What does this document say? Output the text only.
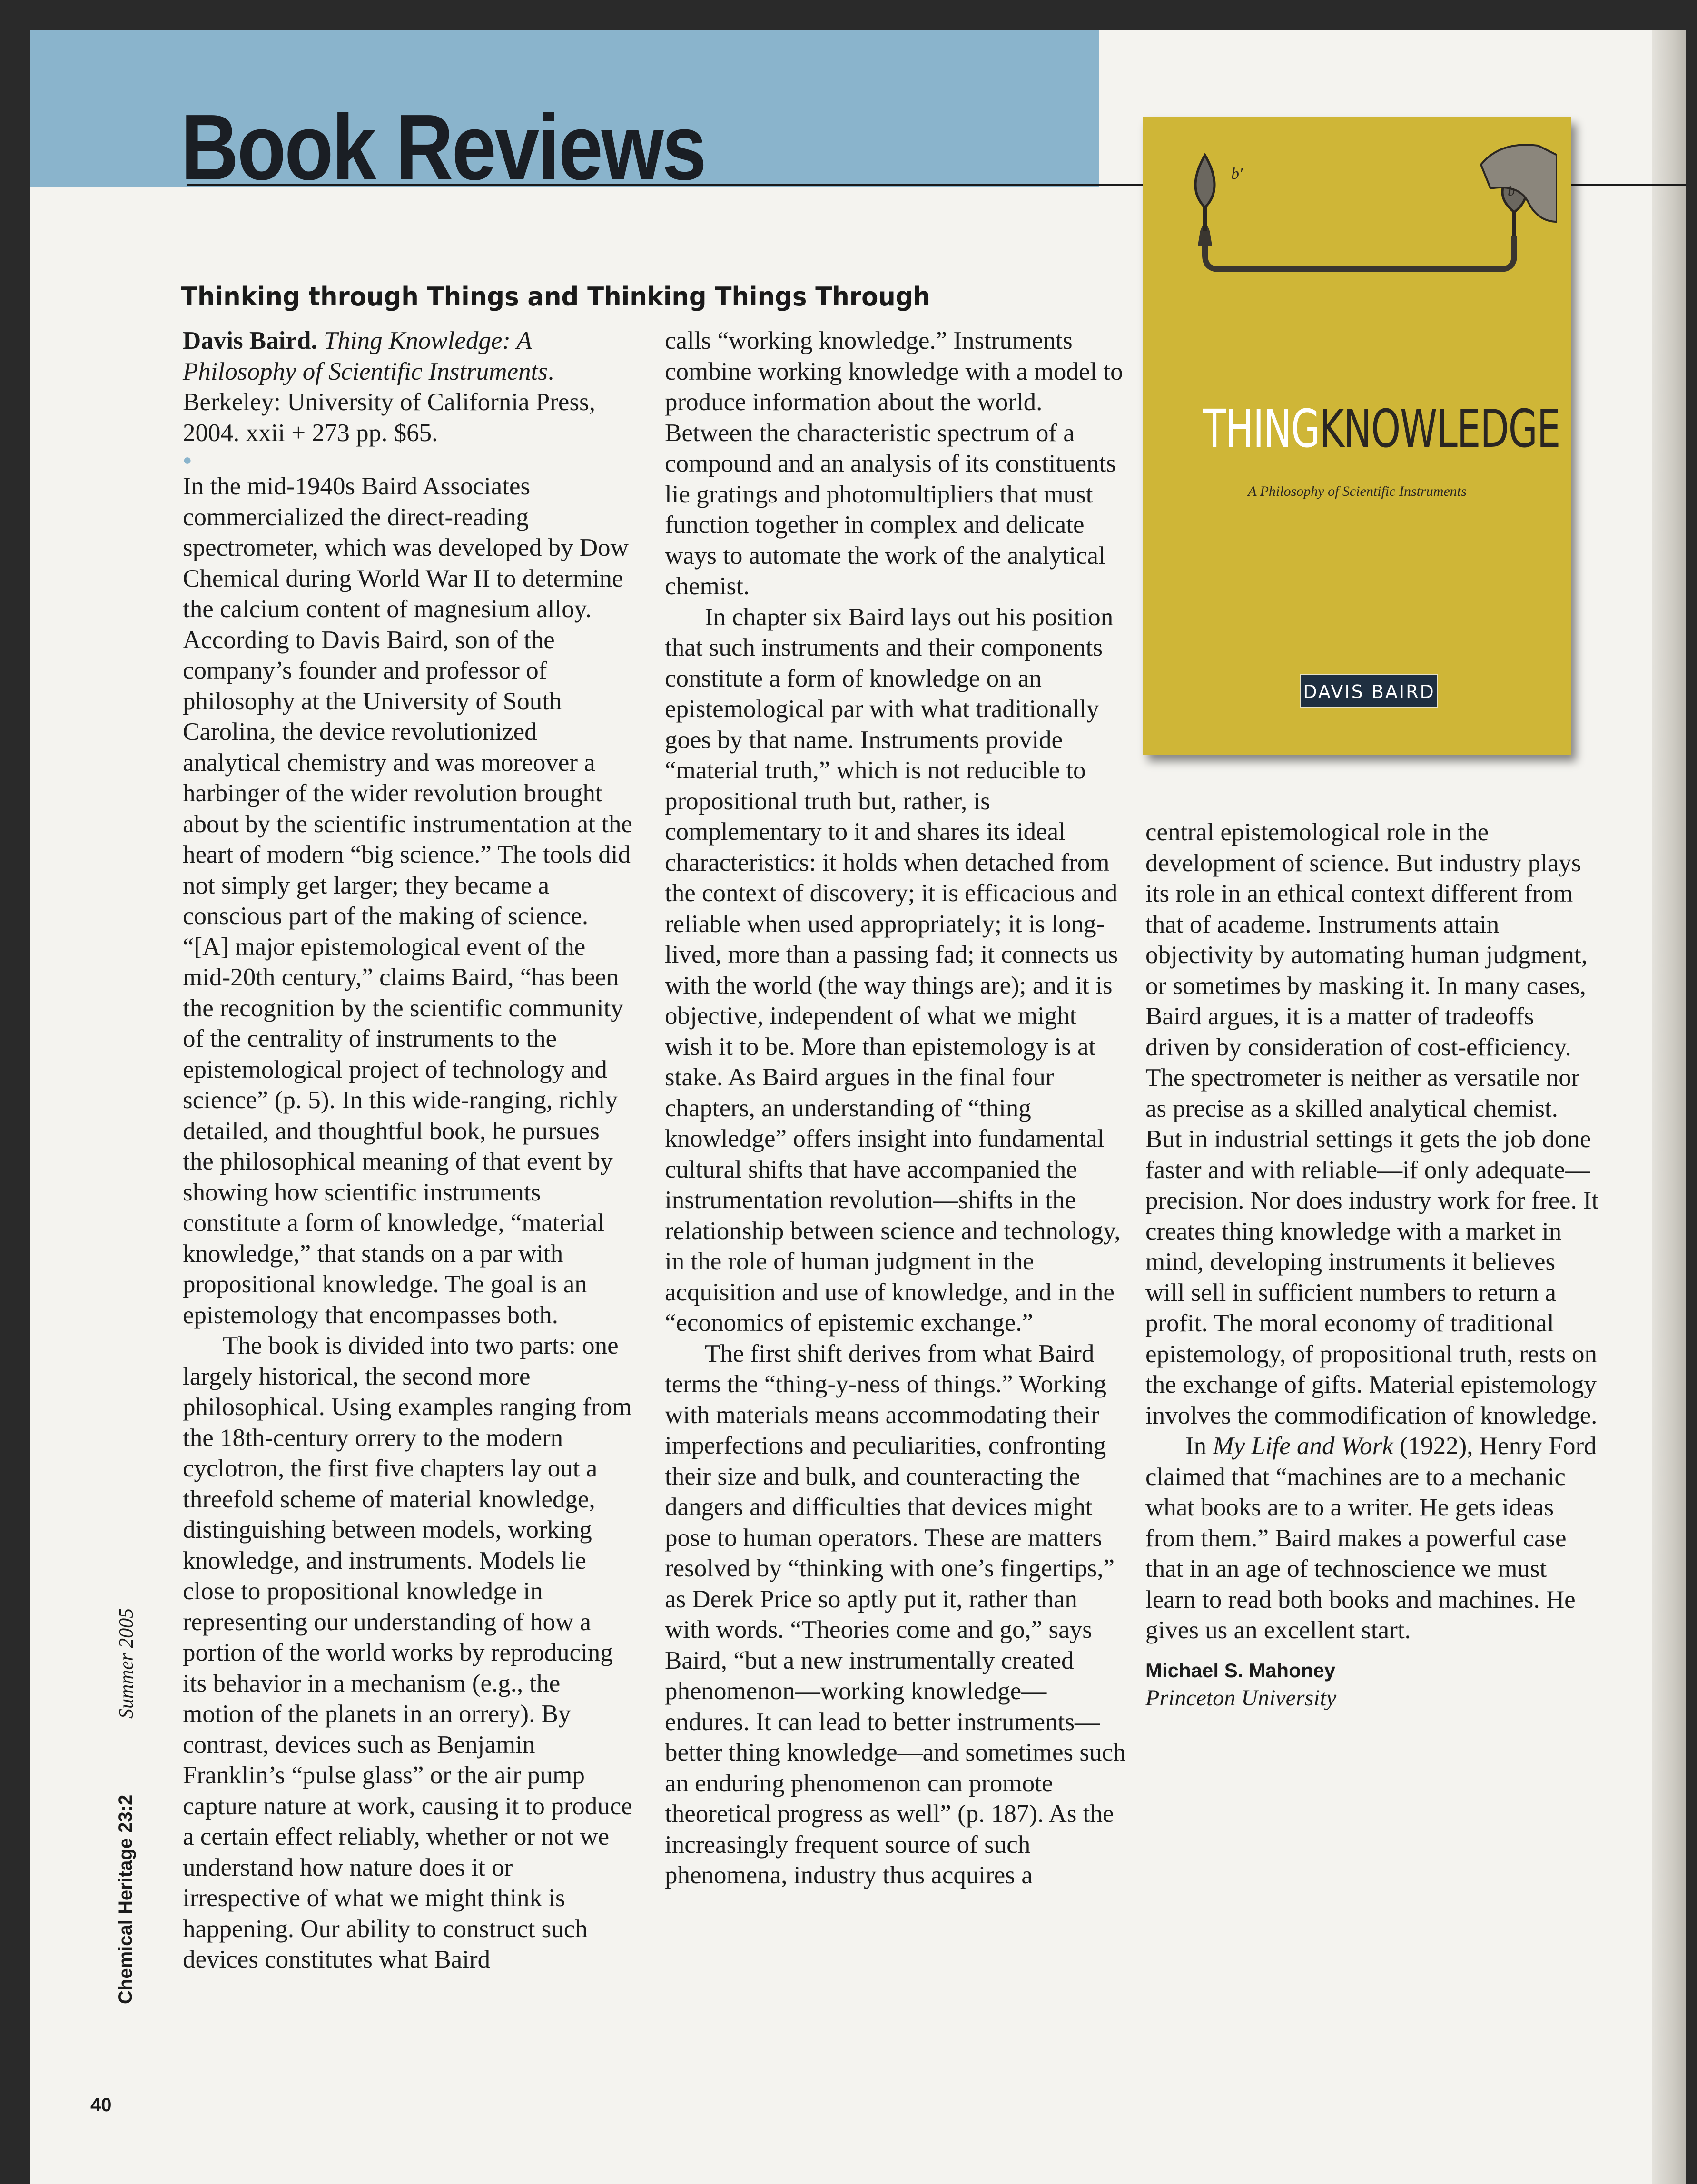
Book Reviews
Thinking through Things and Thinking Things Through

Davis Baird. Thing Knowledge: A Philosophy of Scientific Instruments. Berkeley: University of California Press, 2004. xxii + 273 pp. $65.

●

In the mid-1940s Baird Associates commercialized the direct-reading spectrometer, which was developed by Dow Chemical during World War II to determine the calcium content of magnesium alloy. According to Davis Baird, son of the company’s founder and professor of philosophy at the University of South Carolina, the device revolutionized analytical chemistry and was moreover a harbinger of the wider revolution brought about by the scientific instrumentation at the heart of modern “big science.” The tools did not simply get larger; they became a conscious part of the making of science. “[A] major epistemological event of the mid-20th century,” claims Baird, “has been the recognition by the scientific community of the centrality of instruments to the epistemological project of technology and science” (p. 5). In this wide-ranging, richly detailed, and thoughtful book, he pursues the philosophical meaning of that event by showing how scientific instruments constitute a form of knowledge, “material knowledge,” that stands on a par with propositional knowledge. The goal is an epistemology that encompasses both.

The book is divided into two parts: one largely historical, the second more philosophical. Using examples ranging from the 18th-century orrery to the modern cyclotron, the first five chapters lay out a threefold scheme of material knowledge, distinguishing between models, working knowledge, and instruments. Models lie close to propositional knowledge in representing our understanding of how a portion of the world works by reproducing its behavior in a mechanism (e.g., the motion of the planets in an orrery). By contrast, devices such as Benjamin Franklin’s “pulse glass” or the air pump capture nature at work, causing it to produce a certain effect reliably, whether or not we understand how nature does it or irrespective of what we might think is happening. Our ability to construct such devices constitutes what Baird

calls “working knowledge.” Instruments combine working knowledge with a model to produce information about the world. Between the characteristic spectrum of a compound and an analysis of its constituents lie gratings and photomultipliers that must function together in complex and delicate ways to automate the work of the analytical chemist.

In chapter six Baird lays out his position that such instruments and their components constitute a form of knowledge on an epistemological par with what traditionally goes by that name. Instruments provide “material truth,” which is not reducible to propositional truth but, rather, is complementary to it and shares its ideal characteristics: it holds when detached from the context of discovery; it is efficacious and reliable when used appropriately; it is long-lived, more than a passing fad; it connects us with the world (the way things are); and it is objective, independent of what we might wish it to be. More than epistemology is at stake. As Baird argues in the final four chapters, an understanding of “thing knowledge” offers insight into fundamental cultural shifts that have accompanied the instrumentation revolution—shifts in the relationship between science and technology, in the role of human judgment in the acquisition and use of knowledge, and in the “economics of epistemic exchange.”

The first shift derives from what Baird terms the “thing-y-ness of things.” Working with materials means accommodating their imperfections and peculiarities, confronting their size and bulk, and counteracting the dangers and difficulties that devices might pose to human operators. These are matters resolved by “thinking with one’s fingertips,” as Derek Price so aptly put it, rather than with words. “Theories come and go,” says Baird, “but a new instrumentally created phenomenon—working knowledge—endures. It can lead to better instruments—better thing knowledge—and sometimes such an enduring phenomenon can promote theoretical progress as well” (p. 187). As the increasingly frequent source of such phenomena, industry thus acquires a

b′
b
THINGKNOWLEDGE
A Philosophy of Scientific Instruments
DAVIS BAIRD

central epistemological role in the development of science. But industry plays its role in an ethical context different from that of academe. Instruments attain objectivity by automating human judgment, or sometimes by masking it. In many cases, Baird argues, it is a matter of tradeoffs driven by consideration of cost-efficiency. The spectrometer is neither as versatile nor as precise as a skilled analytical chemist. But in industrial settings it gets the job done faster and with reliable—if only adequate—precision. Nor does industry work for free. It creates thing knowledge with a market in mind, developing instruments it believes will sell in sufficient numbers to return a profit. The moral economy of traditional epistemology, of propositional truth, rests on the exchange of gifts. Material epistemology involves the commodification of knowledge.

In My Life and Work (1922), Henry Ford claimed that “machines are to a mechanic what books are to a writer. He gets ideas from them.” Baird makes a powerful case that in an age of technoscience we must learn to read both books and machines. He gives us an excellent start.

Michael S. Mahoney
Princeton University
Chemical Heritage 23:2
Summer 2005
40
